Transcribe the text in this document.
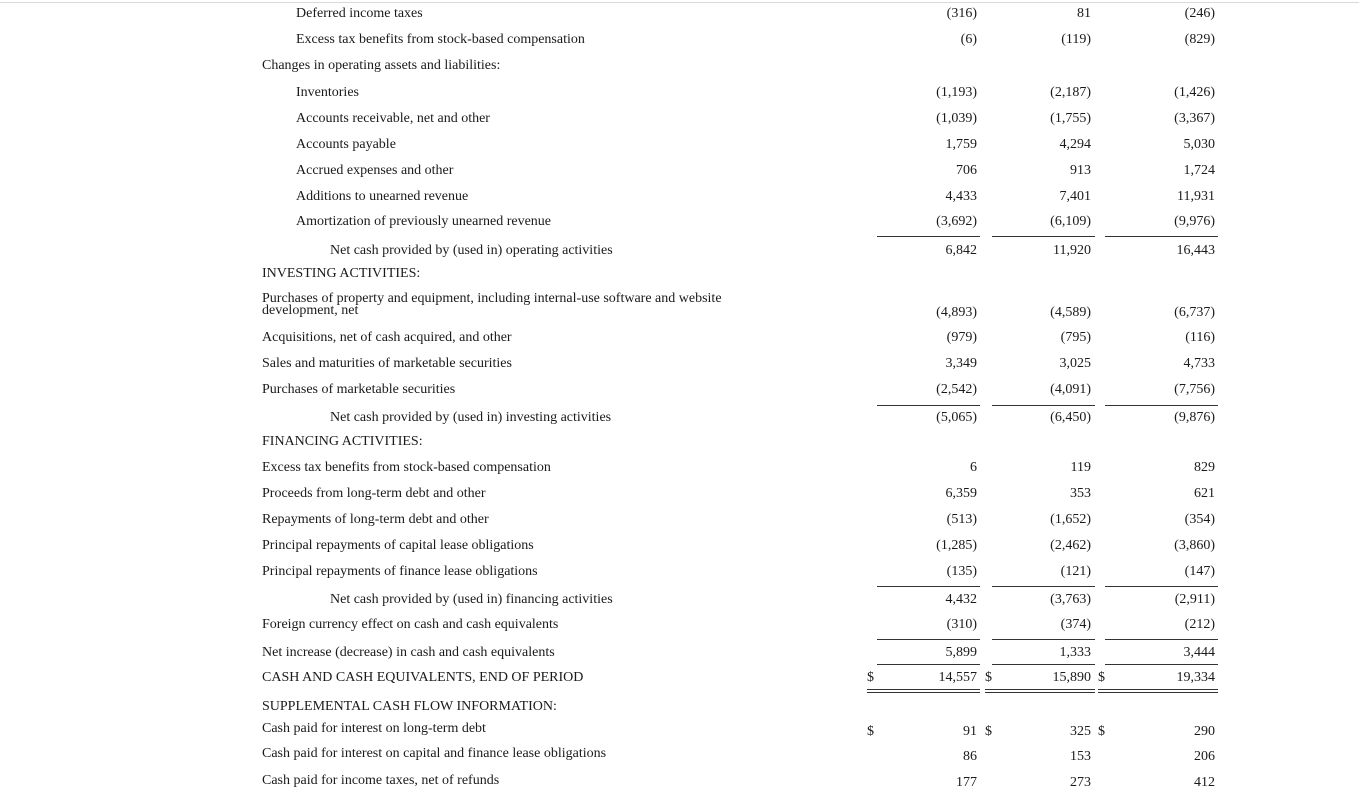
Deferred income taxes	(316)	81	(246)
Excess tax benefits from stock-based compensation	(6)	(119)	(829)
Changes in operating assets and liabilities:
Inventories	(1,193)	(2,187)	(1,426)
Accounts receivable, net and other	(1,039)	(1,755)	(3,367)
Accounts payable	1,759	4,294	5,030
Accrued expenses and other	706	913	1,724
Additions to unearned revenue	4,433	7,401	11,931
Amortization of previously unearned revenue	(3,692)	(6,109)	(9,976)
Net cash provided by (used in) operating activities	6,842	11,920	16,443
INVESTING ACTIVITIES:
Purchases of property and equipment, including internal-use software and website
development, net	(4,893)	(4,589)	(6,737)
Acquisitions, net of cash acquired, and other	(979)	(795)	(116)
Sales and maturities of marketable securities	3,349	3,025	4,733
Purchases of marketable securities	(2,542)	(4,091)	(7,756)
Net cash provided by (used in) investing activities	(5,065)	(6,450)	(9,876)
FINANCING ACTIVITIES:
Excess tax benefits from stock-based compensation	6	119	829
Proceeds from long-term debt and other	6,359	353	621
Repayments of long-term debt and other	(513)	(1,652)	(354)
Principal repayments of capital lease obligations	(1,285)	(2,462)	(3,860)
Principal repayments of finance lease obligations	(135)	(121)	(147)
Net cash provided by (used in) financing activities	4,432	(3,763)	(2,911)
Foreign currency effect on cash and cash equivalents	(310)	(374)	(212)
Net increase (decrease) in cash and cash equivalents	5,899	1,333	3,444
CASH AND CASH EQUIVALENTS, END OF PERIOD	$	14,557 $	15,890 $	19,334
SUPPLEMENTAL CASH FLOW INFORMATION:
Cash paid for interest on long-term debt	$	91 $	325 $	290
Cash paid for interest on capital and finance lease obligations	86	153	206
Cash paid for income taxes, net of refunds	177	273	412
